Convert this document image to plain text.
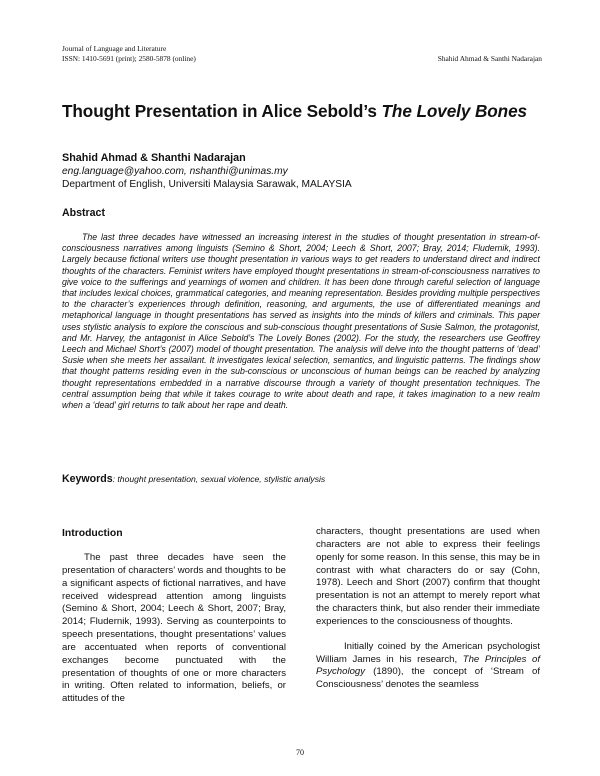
Journal of Language and Literature
ISSN: 1410-5691 (print); 2580-5878 (online)	Shahid Ahmad & Santhi Nadarajan
Thought Presentation in Alice Sebold’s The Lovely Bones
Shahid Ahmad & Shanthi Nadarajan
eng.language@yahoo.com, nshanthi@unimas.my
Department of English, Universiti Malaysia Sarawak, MALAYSIA
Abstract

The last three decades have witnessed an increasing interest in the studies of thought presentation in stream-of-consciousness narratives among linguists (Semino & Short, 2004; Leech & Short, 2007; Bray, 2014; Fludernik, 1993). Largely because fictional writers use thought presentation in various ways to get readers to understand direct and indirect thoughts of the characters. Feminist writers have employed thought presentations in stream-of-consciousness narratives to give voice to the sufferings and yearnings of women and children. It has been done through careful selection of language that includes lexical choices, grammatical categories, and meaning representation. Besides providing multiple perspectives to the character’s experiences through definition, reasoning, and arguments, the use of differentiated meanings and metaphorical language in thought presentations has served as insights into the minds of killers and criminals. This paper uses stylistic analysis to explore the conscious and sub-conscious thought presentations of Susie Salmon, the protagonist, and Mr. Harvey, the antagonist in Alice Sebold’s The Lovely Bones (2002). For the study, the researchers use Geoffrey Leech and Michael Short’s (2007) model of thought presentation. The analysis will delve into the thought patterns of ‘dead’ Susie when she meets her assailant. It investigates lexical selection, semantics, and linguistic patterns. The findings show that thought patterns residing even in the sub-conscious or unconscious of human beings can be reached by analyzing thought representations embedded in a narrative discourse through a variety of thought presentation techniques. The central assumption being that while it takes courage to write about death and rape, it takes imagination to a new realm when a ‘dead’ girl returns to talk about her rape and death.

Keywords: thought presentation, sexual violence, stylistic analysis
Introduction

The past three decades have seen the presentation of characters’ words and thoughts to be a significant aspects of fictional narratives, and have received widespread attention among linguists (Semino & Short, 2004; Leech & Short, 2007; Bray, 2014; Fludernik, 1993). Serving as counterpoints to speech presentations, thought presentations’ values are accentuated when reports of conventional exchanges become punctuated with the presentation of thoughts of one or more characters in writing. Often related to information, beliefs, or attitudes of the

characters, thought presentations are used when characters are not able to express their feelings openly for some reason. In this sense, this may be in contrast with what characters do or say (Cohn, 1978). Leech and Short (2007) confirm that thought presentation is not an attempt to merely report what the characters think, but also render their immediate experiences to the consciousness of thoughts.

Initially coined by the American psychologist William James in his research, The Principles of Psychology (1890), the concept of ‘Stream of Consciousness’ denotes the seamless

70
